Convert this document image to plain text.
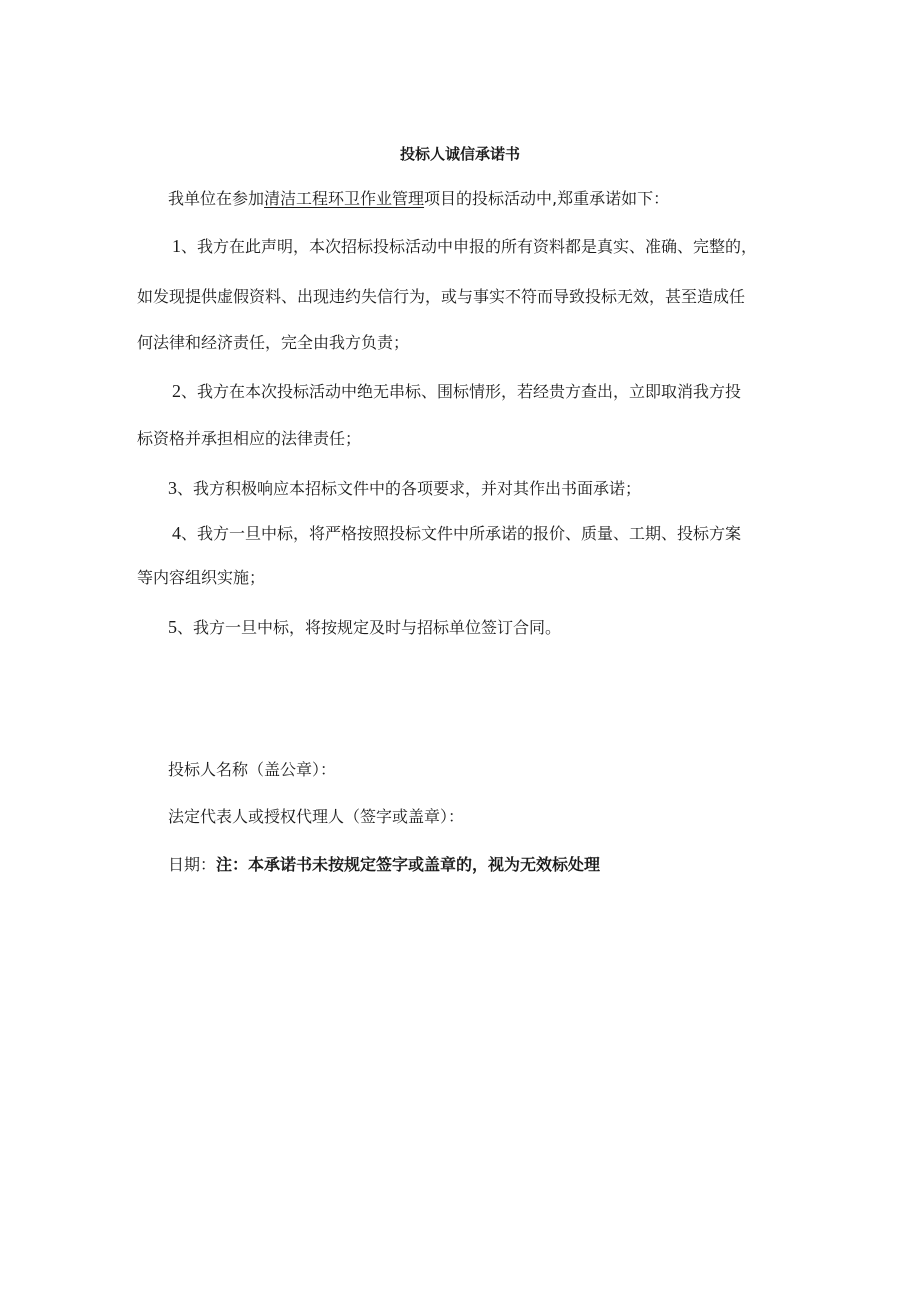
投标人诚信承诺书
我单位在参加清洁工程环卫作业管理项目的投标活动中,郑重承诺如下：
1、我方在此声明，本次招标投标活动中申报的所有资料都是真实、准确、完整的，
如发现提供虚假资料、出现违约失信行为，或与事实不符而导致投标无效，甚至造成任
何法律和经济责任，完全由我方负责；
2、我方在本次投标活动中绝无串标、围标情形，若经贵方查出，立即取消我方投
标资格并承担相应的法律责任；
3、我方积极响应本招标文件中的各项要求，并对其作出书面承诺；
4、我方一旦中标，将严格按照投标文件中所承诺的报价、质量、工期、投标方案
等内容组织实施；
5、我方一旦中标，将按规定及时与招标单位签订合同。
投标人名称（盖公章）：
法定代表人或授权代理人（签字或盖章）：
日期：注：本承诺书未按规定签字或盖章的，视为无效标处理
